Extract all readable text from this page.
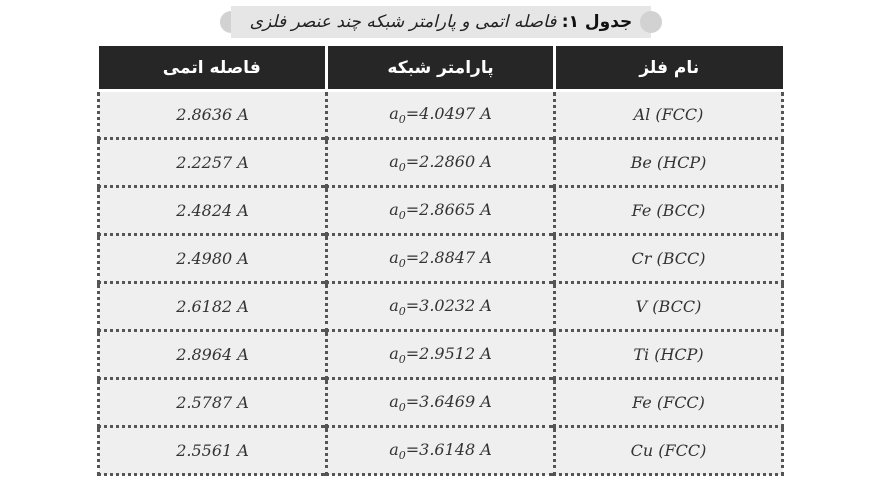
جدول ۱: فاصله اتمی و پارامتر شبکه چند عنصر فلزی
نام فلز	پارامتر شبکه	فاصله اتمی
Al (FCC)	$a_0=4.0497$ A	2.8636 A
Be (HCP)	$a_0=2.2860$ A	2.2257 A
Fe (BCC)	$a_0=2.8665$ A	2.4824 A
Cr (BCC)	$a_0=2.8847$ A	2.4980 A
V (BCC)	$a_0=3.0232$ A	2.6182 A
Ti (HCP)	$a_0=2.9512$ A	2.8964 A
Fe (FCC)	$a_0=3.6469$ A	2.5787 A
Cu (FCC)	$a_0=3.6148$ A	2.5561 A
